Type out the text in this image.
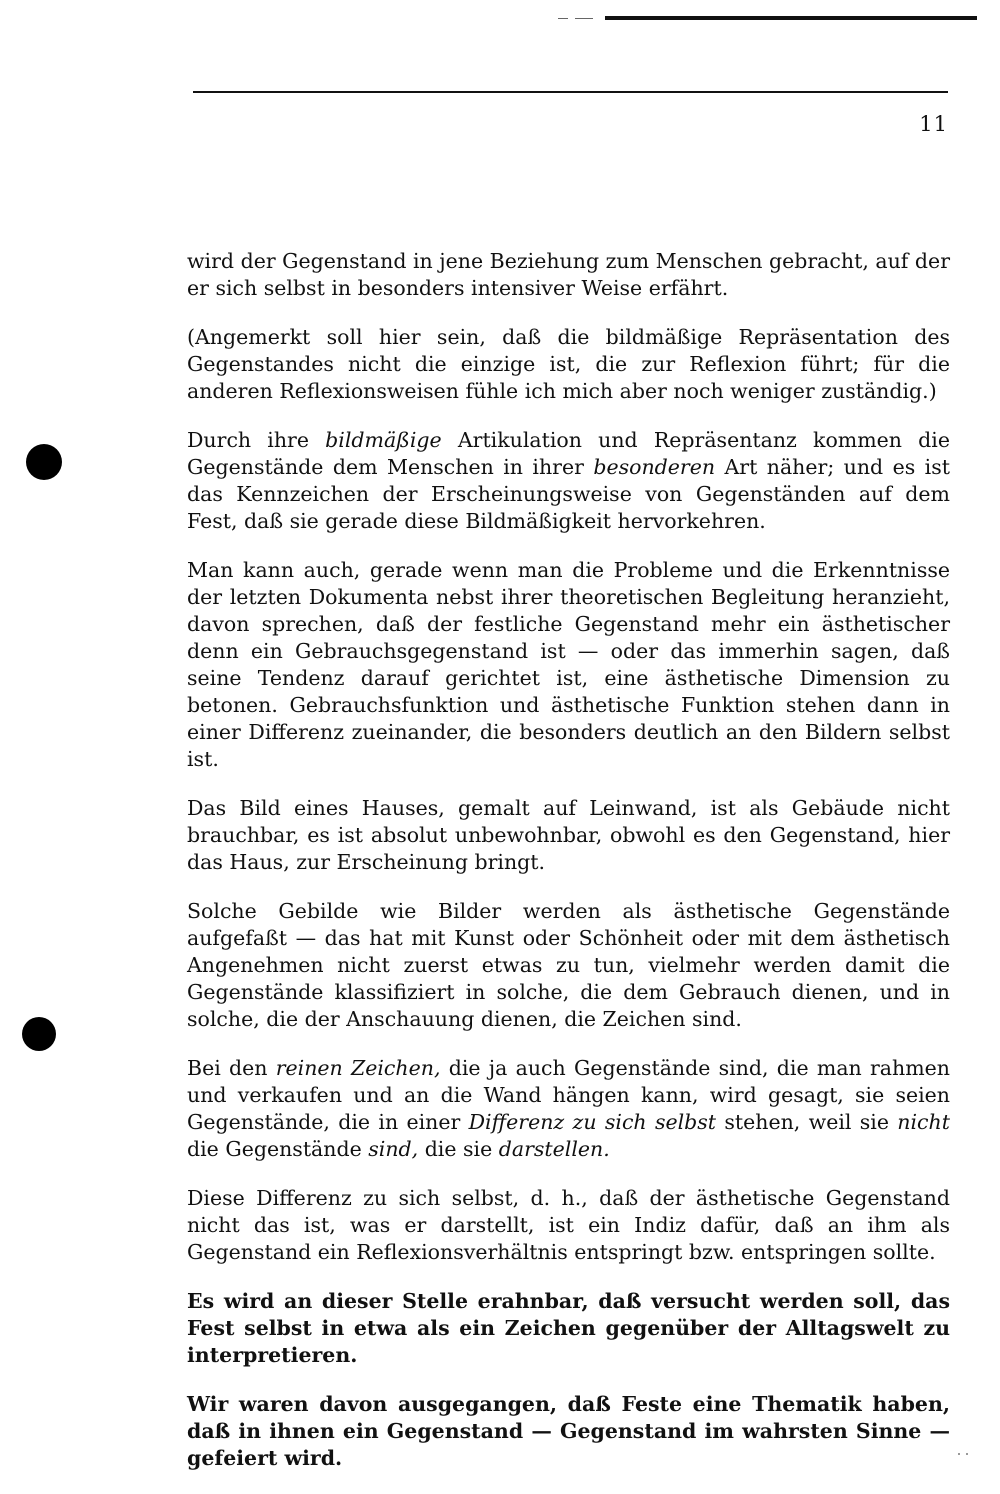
11

wird der Gegenstand in jene Beziehung zum Menschen gebracht, auf der er sich selbst in besonders intensiver Weise erfährt.

(Angemerkt soll hier sein, daß die bildmäßige Repräsentation des Gegenstandes nicht die einzige ist, die zur Reflexion führt; für die anderen Reflexionsweisen fühle ich mich aber noch weniger zuständig.)

Durch ihre bildmäßige Artikulation und Repräsentanz kommen die Gegenstände dem Menschen in ihrer besonderen Art näher; und es ist das Kennzeichen der Erscheinungsweise von Gegenständen auf dem Fest, daß sie gerade diese Bildmäßigkeit hervorkehren.

Man kann auch, gerade wenn man die Probleme und die Erkenntnisse der letzten Dokumenta nebst ihrer theoretischen Begleitung heranzieht, davon sprechen, daß der festliche Gegenstand mehr ein ästhetischer denn ein Gebrauchsgegenstand ist — oder das immerhin sagen, daß seine Tendenz darauf gerichtet ist, eine ästhetische Dimension zu betonen. Gebrauchsfunktion und ästhetische Funktion stehen dann in einer Differenz zueinander, die besonders deutlich an den Bildern selbst ist.

Das Bild eines Hauses, gemalt auf Leinwand, ist als Gebäude nicht brauchbar, es ist absolut unbewohnbar, obwohl es den Gegenstand, hier das Haus, zur Erscheinung bringt.

Solche Gebilde wie Bilder werden als ästhetische Gegenstände aufgefaßt — das hat mit Kunst oder Schönheit oder mit dem ästhetisch Angenehmen nicht zuerst etwas zu tun, vielmehr werden damit die Gegenstände klassifiziert in solche, die dem Gebrauch dienen, und in solche, die der Anschauung dienen, die Zeichen sind.

Bei den reinen Zeichen, die ja auch Gegenstände sind, die man rahmen und verkaufen und an die Wand hängen kann, wird gesagt, sie seien Gegenstände, die in einer Differenz zu sich selbst stehen, weil sie nicht die Gegenstände sind, die sie darstellen.

Diese Differenz zu sich selbst, d. h., daß der ästhetische Gegenstand nicht das ist, was er darstellt, ist ein Indiz dafür, daß an ihm als Gegenstand ein Reflexionsverhältnis entspringt bzw. entspringen sollte.

Es wird an dieser Stelle erahnbar, daß versucht werden soll, das Fest selbst in etwa als ein Zeichen gegenüber der Alltagswelt zu interpretieren.

Wir waren davon ausgegangen, daß Feste eine Thematik haben, daß in ihnen ein Gegenstand — Gegenstand im wahrsten Sinne — gefeiert wird.
